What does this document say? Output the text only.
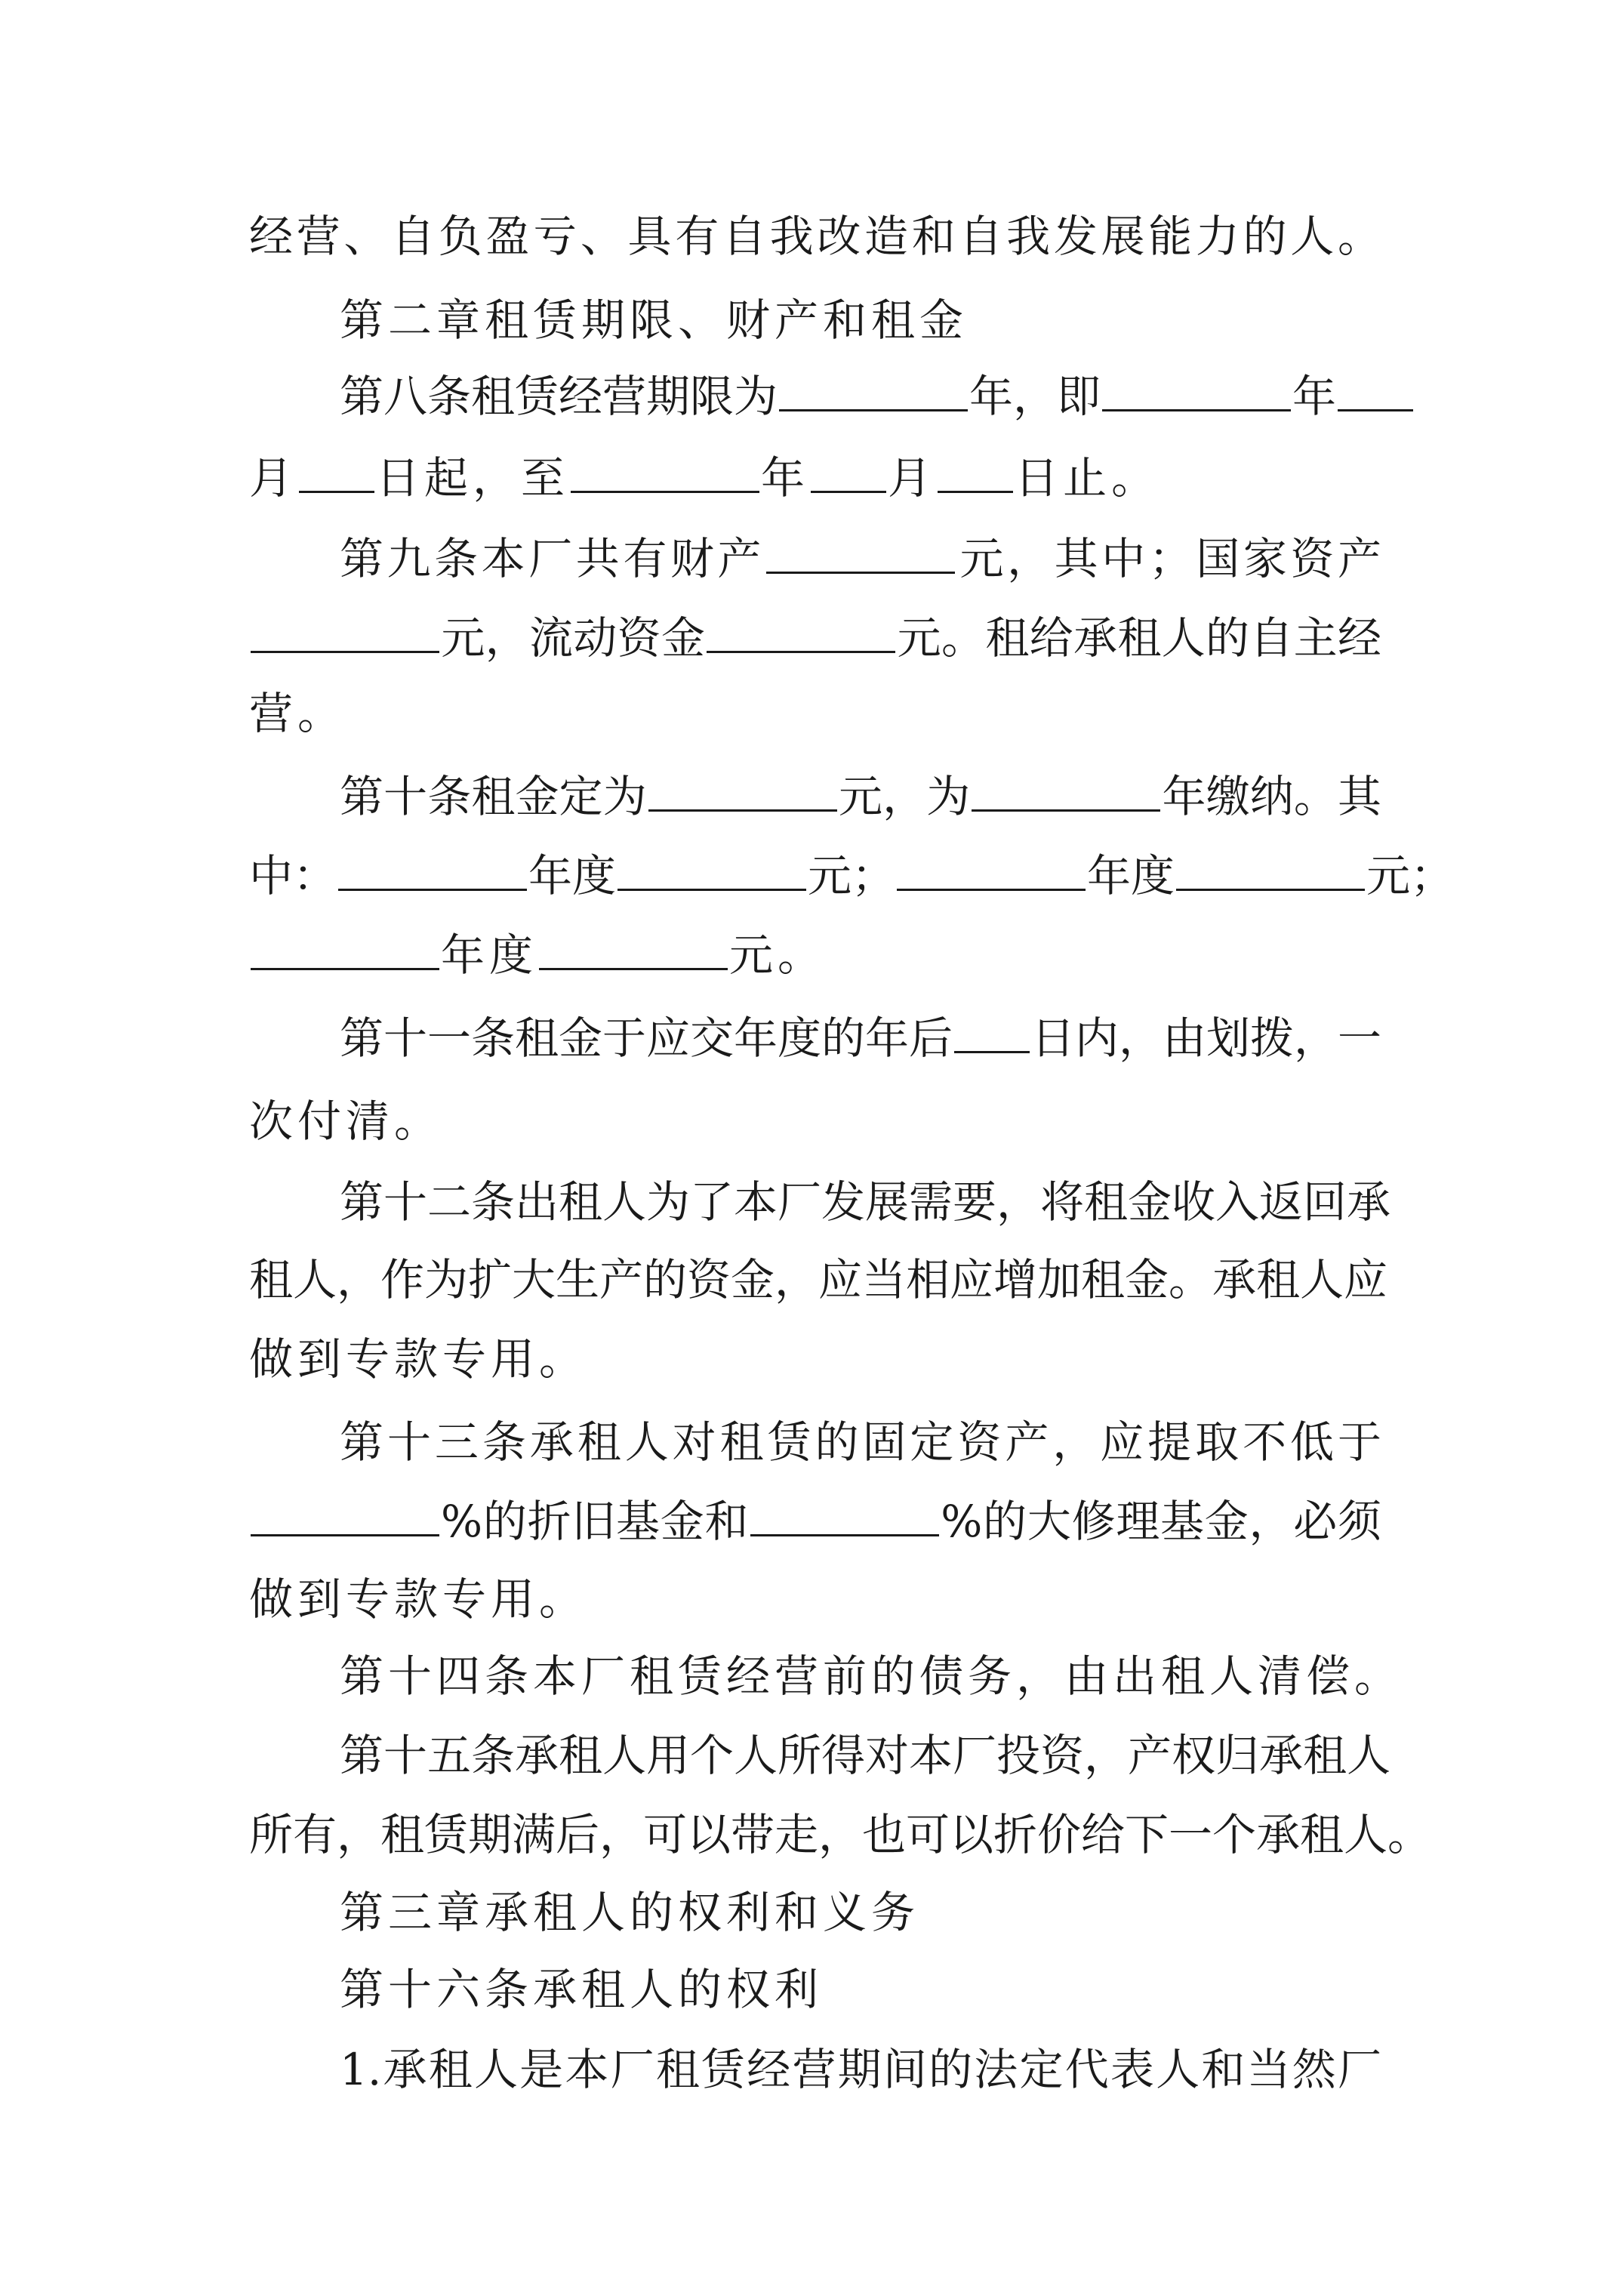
经营、自负盈亏、具有自我改造和自我发展能力的人。
第二章租赁期限、财产和租金
第八条租赁经营期限为	年，即	年
月 日起，至	年 月 日止。
第九条本厂共有财产	元，其中；国家资产
元，流动资金	元。租给承租人的自主经
营。
第十条租金定为	元，为	年缴纳。其
中：	年度	元；	年度	元；
年度	元。
第十一条租金于应交年度的年后 日内，由划拨，一
次付清。
第十二条出租人为了本厂发展需要，将租金收入返回承
租人，作为扩大生产的资金，应当相应增加租金。承租人应
做到专款专用。
第十三条承租人对租赁的固定资产，应提取不低于
%的折旧基金和	%的大修理基金，必须
做到专款专用。
第十四条本厂租赁经营前的债务，由出租人清偿。
第十五条承租人用个人所得对本厂投资，产权归承租人
所有，租赁期满后，可以带走，也可以折价给下一个承租人。
第三章承租人的权利和义务
第十六条承租人的权利
1.承租人是本厂租赁经营期间的法定代表人和当然厂
